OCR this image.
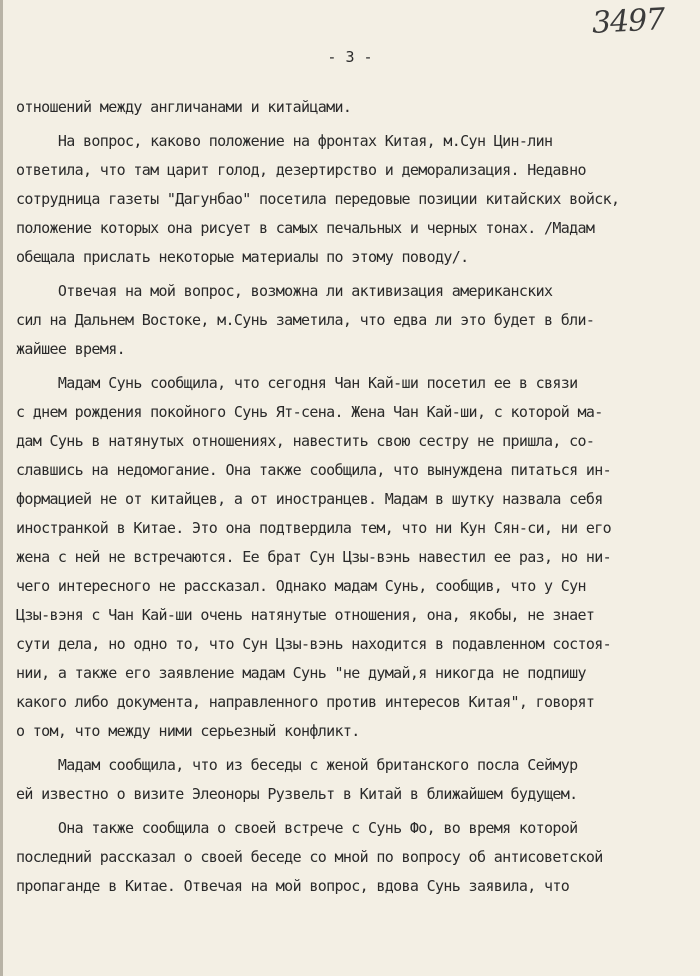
3497
- 3 -
отношений между англичанами и китайцами.
На вопрос, каково положение на фронтах Китая, м.Сун Цин-лин
ответила, что там царит голод, дезертирство и деморализация. Недавно
сотрудница газеты "Дагунбао" посетила передовые позиции китайских войск,
положение которых она рисует в самых печальных и черных тонах. /Мадам
обещала прислать некоторые материалы по этому поводу/.
Отвечая на мой вопрос, возможна ли активизация американских
сил на Дальнем Востоке, м.Сунь заметила, что едва ли это будет в бли-
жайшее время.
Мадам Сунь сообщила, что сегодня Чан Кай-ши посетил ее в связи
с днем рождения покойного Сунь Ят-сена. Жена Чан Кай-ши, с которой ма-
дам Сунь в натянутых отношениях, навестить свою сестру не пришла, со-
славшись на недомогание. Она также сообщила, что вынуждена питаться ин-
формацией не от китайцев, а от иностранцев. Мадам в шутку назвала себя
иностранкой в Китае. Это она подтвердила тем, что ни Кун Сян-си, ни его
жена с ней не встречаются. Ее брат Сун Цзы-вэнь навестил ее раз, но ни-
чего интересного не рассказал. Однако мадам Сунь, сообщив, что у Сун
Цзы-вэня с Чан Кай-ши очень натянутые отношения, она, якобы, не знает
сути дела, но одно то, что Сун Цзы-вэнь находится в подавленном состоя-
нии, а также его заявление мадам Сунь "не думай,я никогда не подпишу
какого либо документа, направленного против интересов Китая", говорят
о том, что между ними серьезный конфликт.
Мадам сообщила, что из беседы с женой британского посла Сеймур
ей известно о визите Элеоноры Рузвельт в Китай в ближайшем будущем.
Она также сообщила о своей встрече с Сунь Фо, во время которой
последний рассказал о своей беседе со мной по вопросу об антисоветской
пропаганде в Китае. Отвечая на мой вопрос, вдова Сунь заявила, что
